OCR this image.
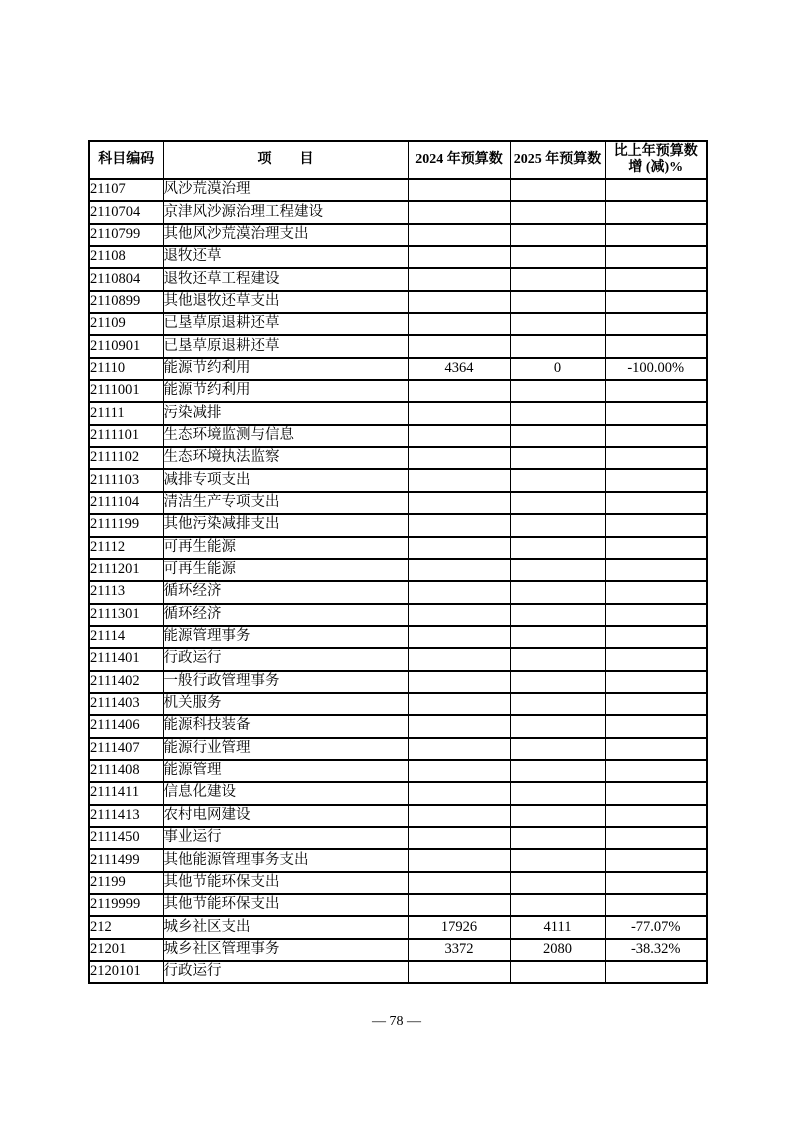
科目编码	项　　目	2024 年预算数	2025 年预算数	比上年预算数
增 (减)%

21107	风沙荒漠治理			
2110704	京津风沙源治理工程建设			
2110799	其他风沙荒漠治理支出			
21108	退牧还草			
2110804	退牧还草工程建设			
2110899	其他退牧还草支出			
21109	已垦草原退耕还草			
2110901	已垦草原退耕还草			
21110	能源节约利用	4364	0	-100.00%
2111001	能源节约利用			
21111	污染减排			
2111101	生态环境监测与信息			
2111102	生态环境执法监察			
2111103	减排专项支出			
2111104	清洁生产专项支出			
2111199	其他污染减排支出			
21112	可再生能源			
2111201	可再生能源			
21113	循环经济			
2111301	循环经济			
21114	能源管理事务			
2111401	行政运行			
2111402	一般行政管理事务			
2111403	机关服务			
2111406	能源科技装备			
2111407	能源行业管理			
2111408	能源管理			
2111411	信息化建设			
2111413	农村电网建设			
2111450	事业运行			
2111499	其他能源管理事务支出			
21199	其他节能环保支出			
2119999	其他节能环保支出			
212	城乡社区支出	17926	4111	-77.07%
21201	城乡社区管理事务	3372	2080	-38.32%
2120101	行政运行			
— 78 —
